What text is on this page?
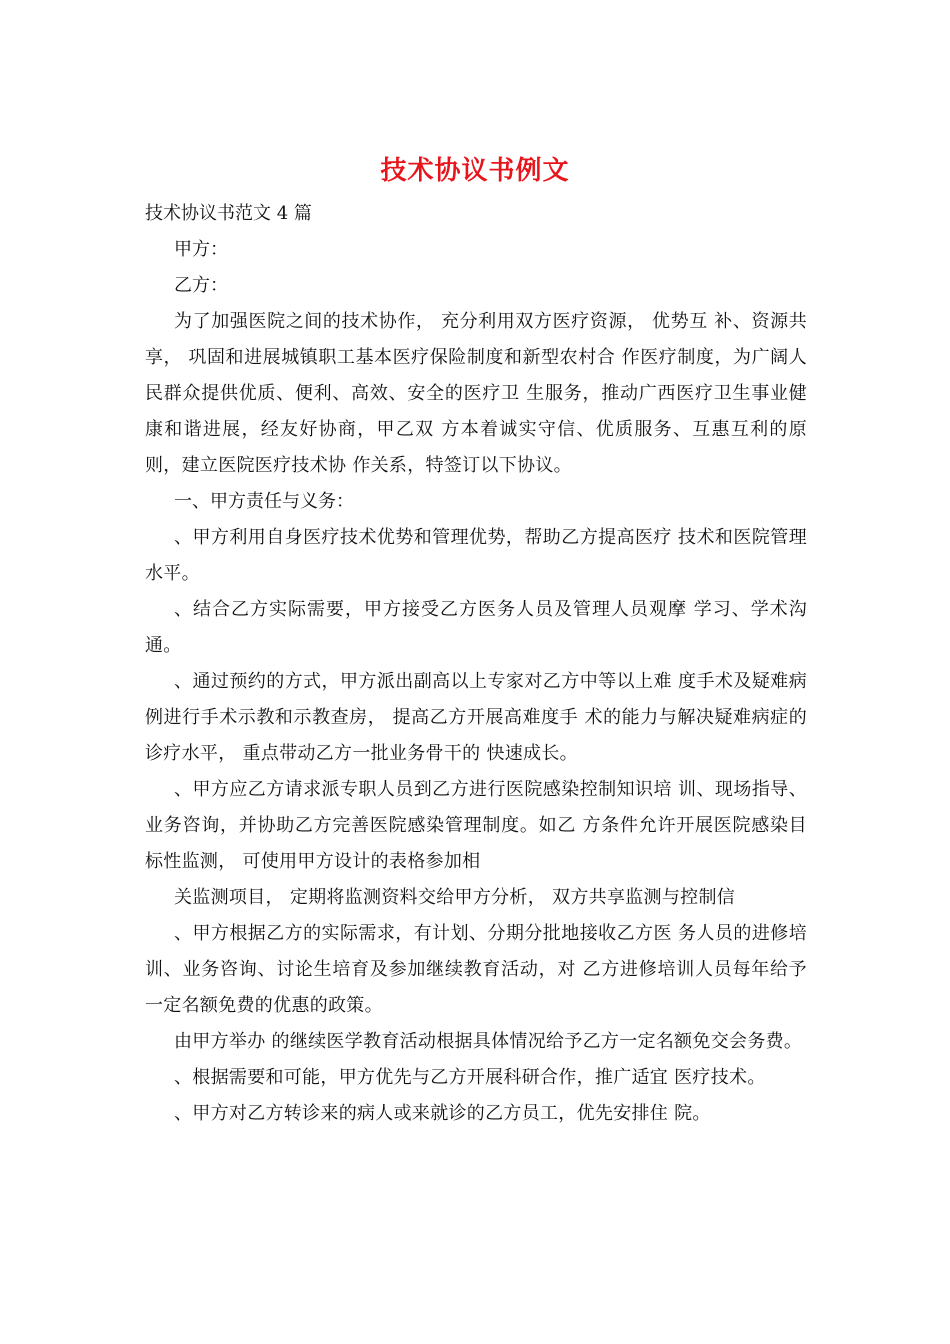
技术协议书例文

技术协议书范文 4 篇

甲方：

乙方：

为了加强医院之间的技术协作， 充分利用双方医疗资源， 优势互 补、资源共享， 巩固和进展城镇职工基本医疗保险制度和新型农村合 作医疗制度，为广阔人民群众提供优质、便利、高效、安全的医疗卫 生服务，推动广西医疗卫生事业健康和谐进展，经友好协商，甲乙双 方本着诚实守信、优质服务、互惠互利的原则，建立医院医疗技术协 作关系，特签订以下协议。

一、甲方责任与义务：

、甲方利用自身医疗技术优势和管理优势，帮助乙方提高医疗 技术和医院管理水平。

、结合乙方实际需要，甲方接受乙方医务人员及管理人员观摩 学习、学术沟通。

、通过预约的方式，甲方派出副高以上专家对乙方中等以上难 度手术及疑难病例进行手术示教和示教查房， 提高乙方开展高难度手 术的能力与解决疑难病症的诊疗水平， 重点带动乙方一批业务骨干的 快速成长。

、甲方应乙方请求派专职人员到乙方进行医院感染控制知识培 训、现场指导、业务咨询，并协助乙方完善医院感染管理制度。如乙 方条件允许开展医院感染目标性监测， 可使用甲方设计的表格参加相

关监测项目， 定期将监测资料交给甲方分析， 双方共享监测与控制信

、甲方根据乙方的实际需求，有计划、分期分批地接收乙方医 务人员的进修培训、业务咨询、讨论生培育及参加继续教育活动，对 乙方进修培训人员每年给予一定名额免费的优惠的政策。

由甲方举办 的继续医学教育活动根据具体情况给予乙方一定名额免交会务费。

、根据需要和可能，甲方优先与乙方开展科研合作，推广适宜 医疗技术。

、甲方对乙方转诊来的病人或来就诊的乙方员工，优先安排住 院。
